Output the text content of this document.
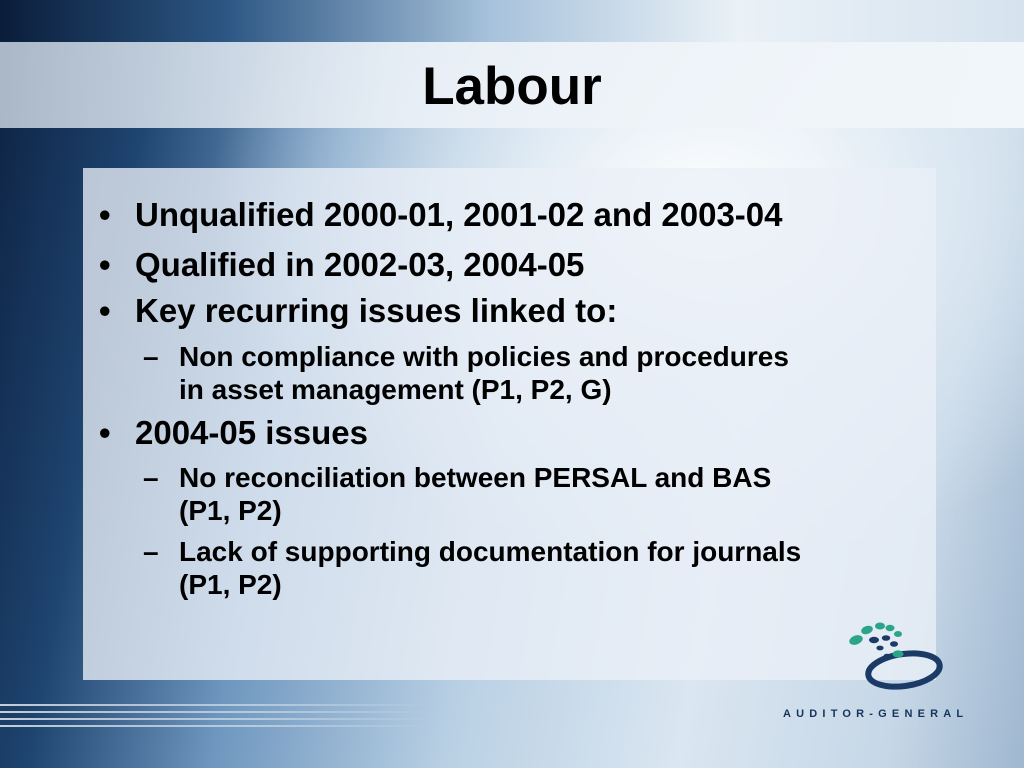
Labour
• Unqualified 2000-01, 2001-02 and 2003-04
• Qualified in 2002-03, 2004-05
• Key recurring issues linked to:
– Non compliance with policies and procedures
in asset management (P1, P2, G)
• 2004-05 issues
– No reconciliation between PERSAL and BAS
(P1, P2)
– Lack of supporting documentation for journals
(P1, P2)
AUDITOR-GENERAL
